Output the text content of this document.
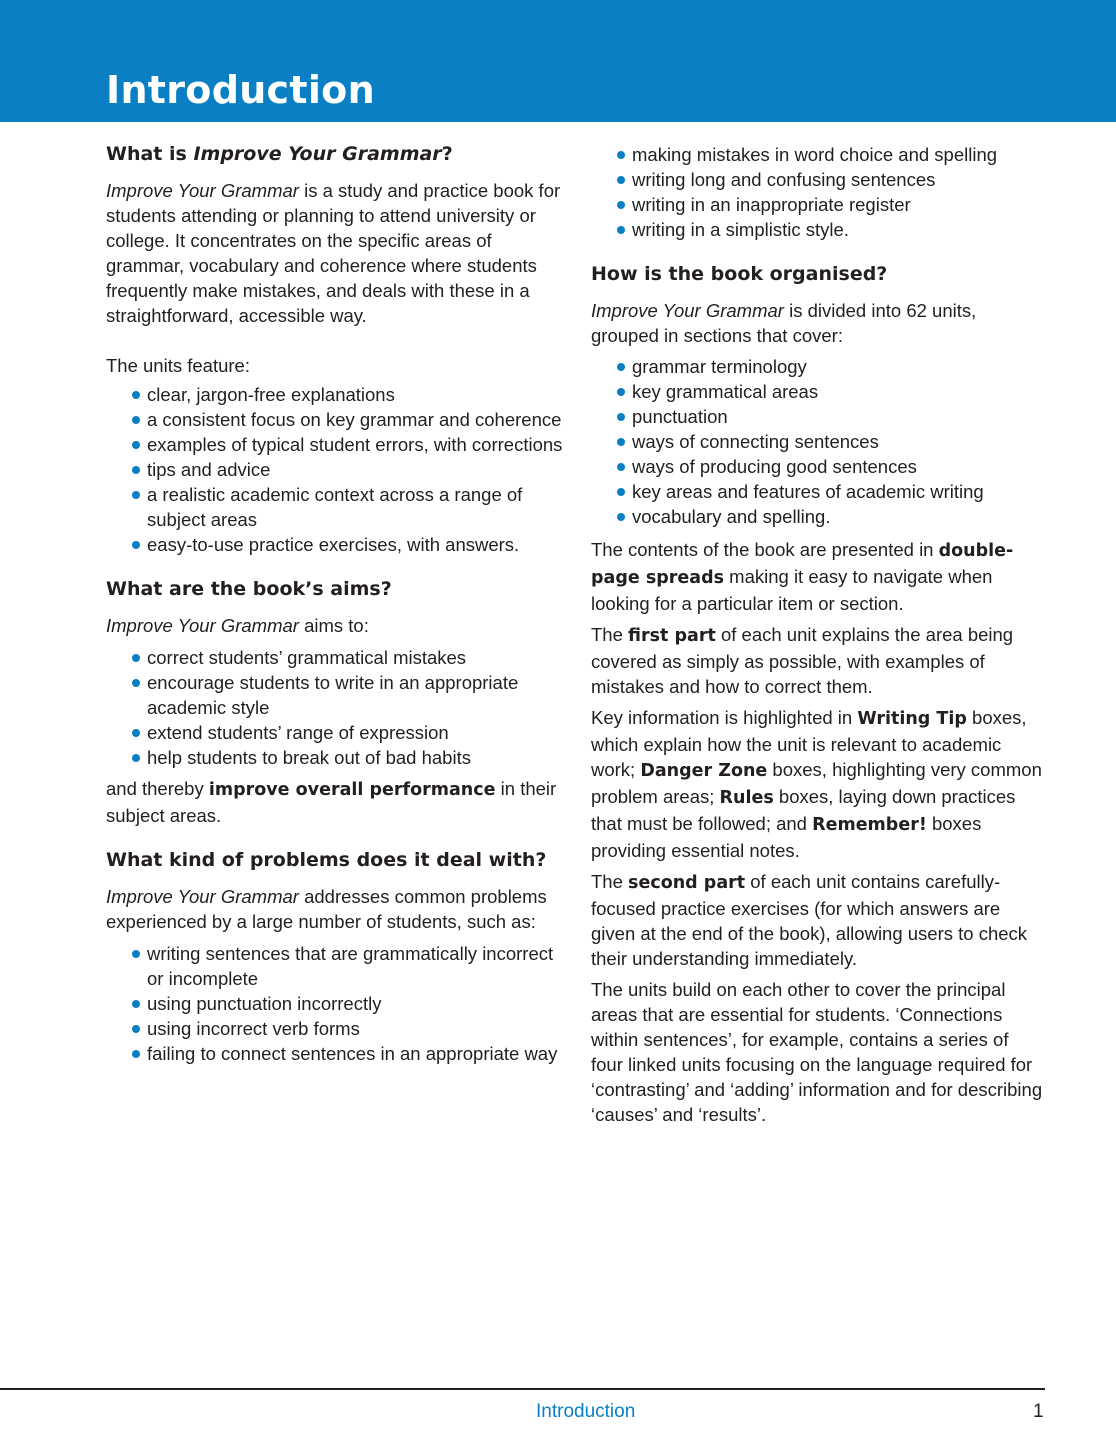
Introduction
What is Improve Your Grammar?

Improve Your Grammar is a study and practice book for students attending or planning to attend university or college. It concentrates on the specific areas of grammar, vocabulary and coherence where students frequently make mistakes, and deals with these in a straightforward, accessible way.

The units feature:

clear, jargon-free explanations
a consistent focus on key grammar and coherence
examples of typical student errors, with corrections
tips and advice
a realistic academic context across a range of subject areas
easy-to-use practice exercises, with answers.
What are the book’s aims?

Improve Your Grammar aims to:

correct students’ grammatical mistakes
encourage students to write in an appropriate academic style
extend students’ range of expression
help students to break out of bad habits

and thereby improve overall performance in their subject areas.

What kind of problems does it deal with?

Improve Your Grammar addresses common problems experienced by a large number of students, such as:

writing sentences that are grammatically incorrect or incomplete
using punctuation incorrectly
using incorrect verb forms
failing to connect sentences in an appropriate way
making mistakes in word choice and spelling
writing long and confusing sentences
writing in an inappropriate register
writing in a simplistic style.
How is the book organised?

Improve Your Grammar is divided into 62 units, grouped in sections that cover:

grammar terminology
key grammatical areas
punctuation
ways of connecting sentences
ways of producing good sentences
key areas and features of academic writing
vocabulary and spelling.

The contents of the book are presented in double-page spreads making it easy to navigate when looking for a particular item or section.

The first part of each unit explains the area being covered as simply as possible, with examples of mistakes and how to correct them.

Key information is highlighted in Writing Tip boxes, which explain how the unit is relevant to academic work; Danger Zone boxes, highlighting very common problem areas; Rules boxes, laying down practices that must be followed; and Remember! boxes providing essential notes.

The second part of each unit contains carefully-focused practice exercises (for which answers are given at the end of the book), allowing users to check their understanding immediately.

The units build on each other to cover the principal areas that are essential for students. ‘Connections within sentences’, for example, contains a series of four linked units focusing on the language required for ‘contrasting’ and ‘adding’ information and for describing ‘causes’ and ‘results’.

Introduction	1
